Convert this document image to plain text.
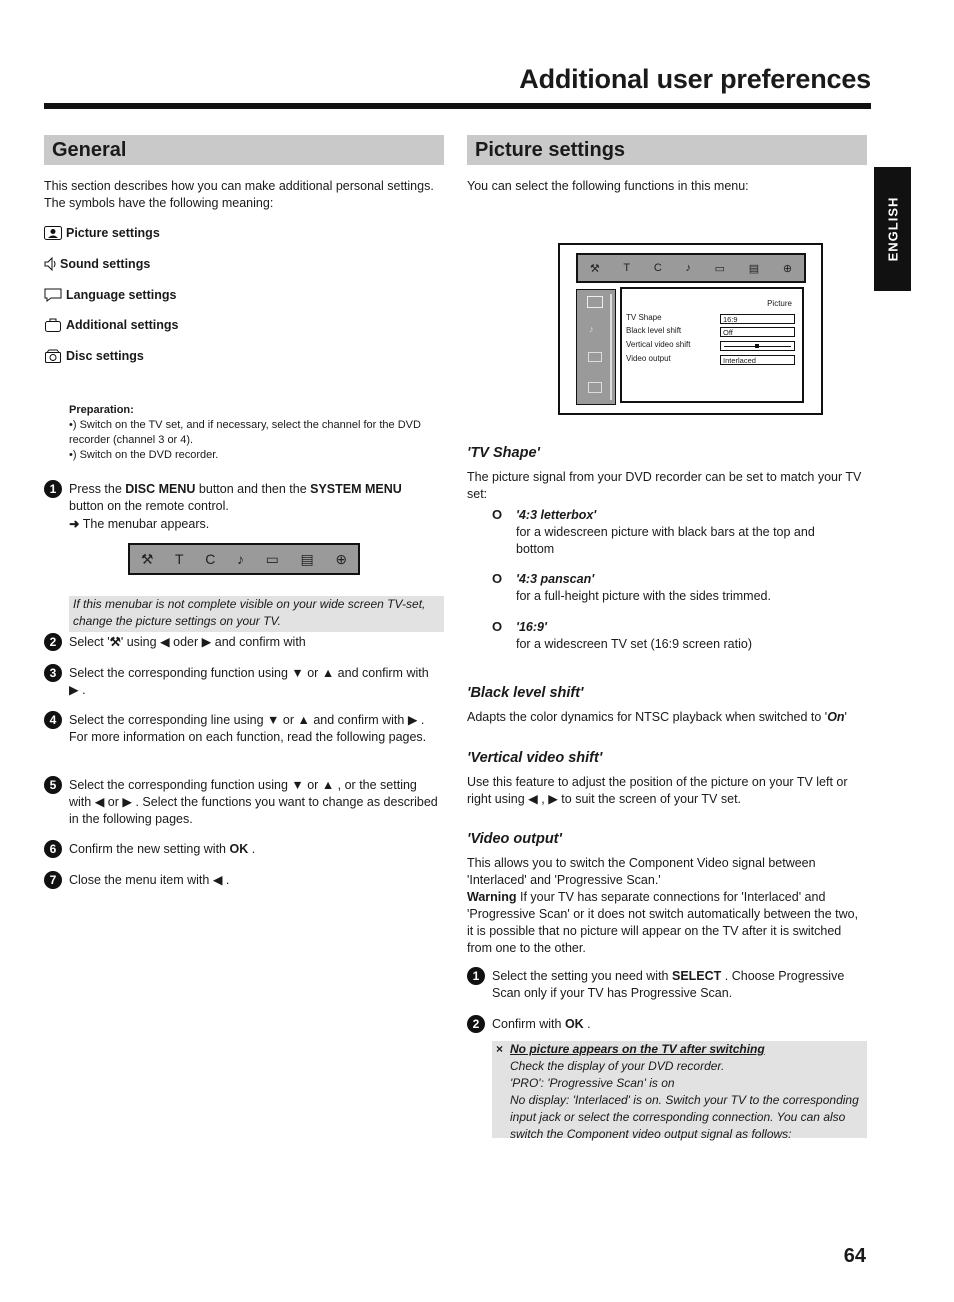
Additional user preferences
ENGLISH
General
This section describes how you can make additional personal settings. The symbols have the following meaning:
Picture settings
Sound settings
Language settings
Additional settings
Disc settings
Preparation:
•) Switch on the TV set, and if necessary, select the channel for the DVD recorder (channel 3 or 4).
•) Switch on the DVD recorder.
1	Press the DISC MENU button and then the SYSTEM MENU button on the remote control.
➜ The menubar appears.
⚒ T C ♪ ▭ ▤ ⊕
If this menubar is not complete visible on your wide screen TV-set, change the picture settings on your TV.
2	Select '⚒' using ◀ oder ▶ and confirm with
3	Select the corresponding function using ▼ or ▲ and confirm with ▶ .
4	Select the corresponding line using ▼ or ▲ and confirm with ▶ . For more information on each function, read the following pages.
5	Select the corresponding function using ▼ or ▲ , or the setting with ◀ or ▶ . Select the functions you want to change as described in the following pages.
6	Confirm the new setting with OK .
7	Close the menu item with ◀ .
Picture settings
You can select the following functions in this menu:
⚒ T C ♪ ▭ ▤ ⊕
♪
Picture
TV Shape	16:9
Black level shift	Off
Vertical video shift
Video output	Interlaced
'TV Shape'
The picture signal from your DVD recorder can be set to match your TV set:
O '4:3 letterbox'
for a widescreen picture with black bars at the top and bottom
O '4:3 panscan'
for a full-height picture with the sides trimmed.
O '16:9'
for a widescreen TV set (16:9 screen ratio)
'Black level shift'
Adapts the color dynamics for NTSC playback when switched to 'On'
'Vertical video shift'
Use this feature to adjust the position of the picture on your TV left or right using ◀ , ▶ to suit the screen of your TV set.
'Video output'
This allows you to switch the Component Video signal between 'Interlaced' and 'Progressive Scan.'
Warning If your TV has separate connections for 'Interlaced' and 'Progressive Scan' or it does not switch automatically between the two, it is possible that no picture will appear on the TV after it is switched from one to the other.
1	Select the setting you need with SELECT . Choose Progressive Scan only if your TV has Progressive Scan.
2	Confirm with OK .
× No picture appears on the TV after switching
Check the display of your DVD recorder.
'PRO': 'Progressive Scan' is on
No display: 'Interlaced' is on. Switch your TV to the corresponding input jack or select the corresponding connection. You can also switch the Component video output signal as follows:
64
